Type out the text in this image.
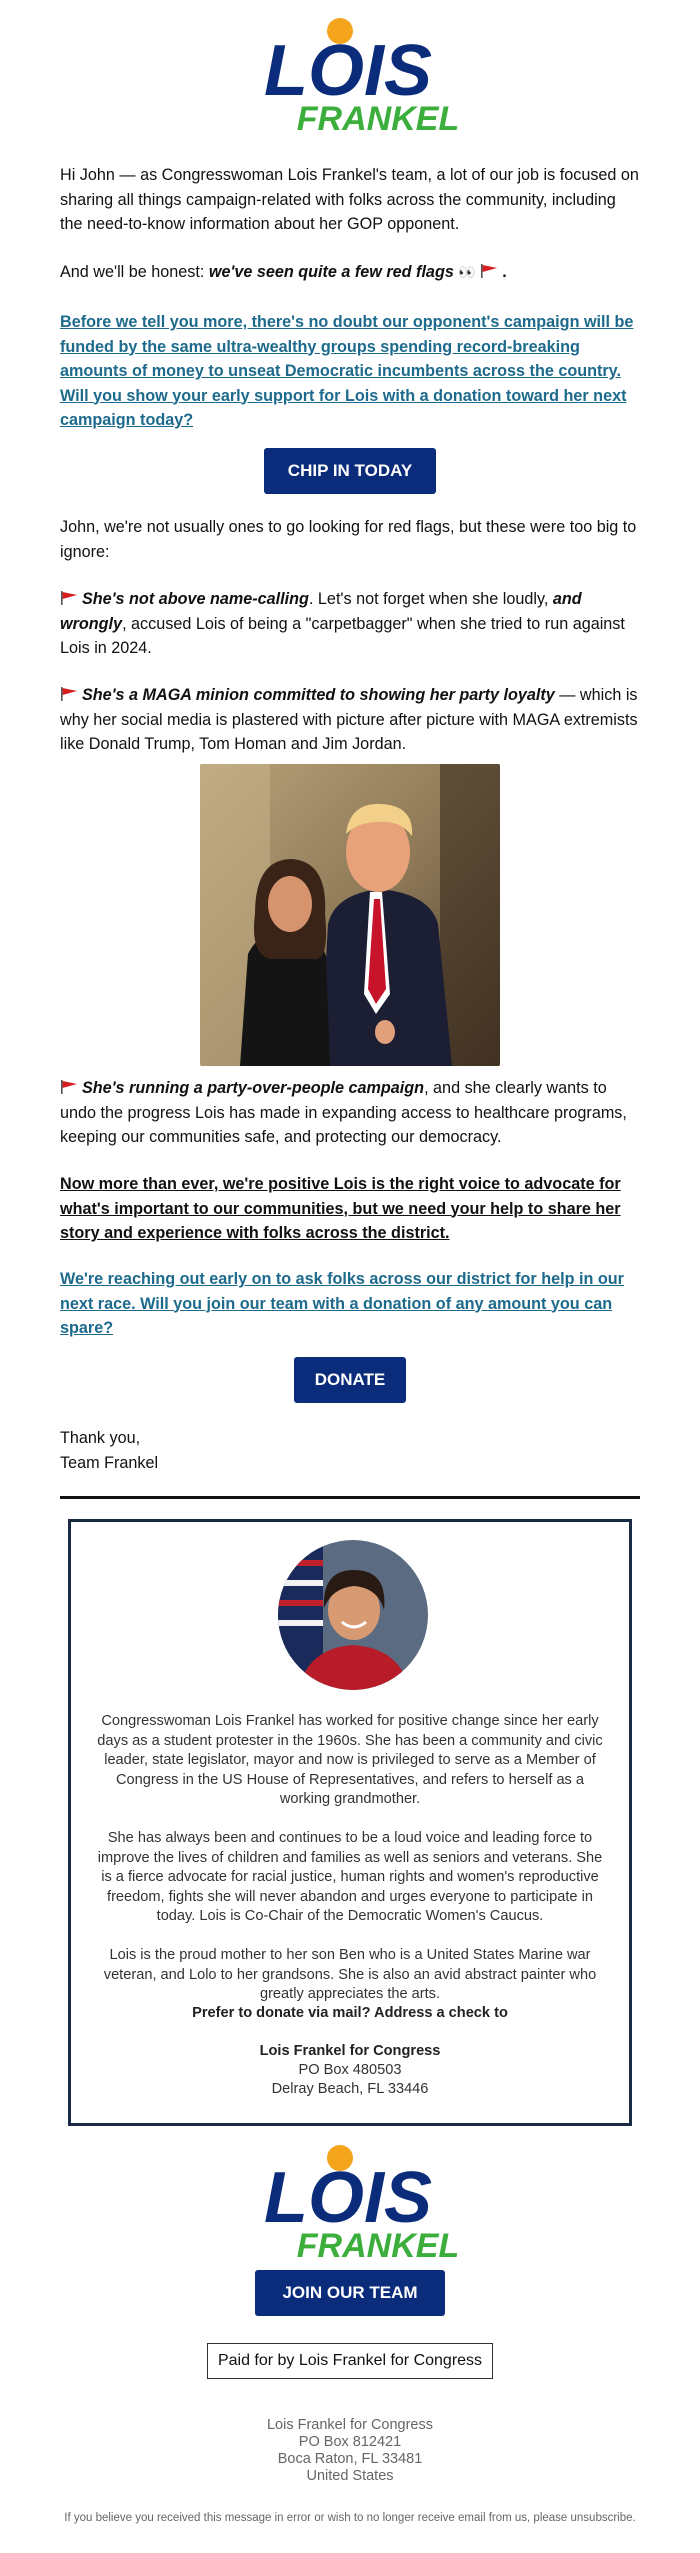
LOIS
FRANKEL

Hi John — as Congresswoman Lois Frankel's team, a lot of our job is focused on sharing all things campaign-related with folks across the community, including the need-to-know information about her GOP opponent.

And we'll be honest: we've seen quite a few red flags 👀 .

Before we tell you more, there's no doubt our opponent's campaign will be funded by the same ultra-wealthy groups spending record-breaking amounts of money to unseat Democratic incumbents across the country. Will you show your early support for Lois with a donation toward her next campaign today?
CHIP IN TODAY

John, we're not usually ones to go looking for red flags, but these were too big to ignore:

She's not above name-calling. Let's not forget when she loudly, and wrongly, accused Lois of being a "carpetbagger" when she tried to run against Lois in 2024.

She's a MAGA minion committed to showing her party loyalty — which is why her social media is plastered with picture after picture with MAGA extremists like Donald Trump, Tom Homan and Jim Jordan.

She's running a party-over-people campaign, and she clearly wants to undo the progress Lois has made in expanding access to healthcare programs, keeping our communities safe, and protecting our democracy.

Now more than ever, we're positive Lois is the right voice to advocate for what's important to our communities, but we need your help to share her story and experience with folks across the district.

We're reaching out early on to ask folks across our district for help in our next race. Will you join our team with a donation of any amount you can spare?
DONATE

Thank you,

Team Frankel

Congresswoman Lois Frankel has worked for positive change since her early days as a student protester in the 1960s. She has been a community and civic leader, state legislator, mayor and now is privileged to serve as a Member of Congress in the US House of Representatives, and refers to herself as a working grandmother.

She has always been and continues to be a loud voice and leading force to improve the lives of children and families as well as seniors and veterans. She is a fierce advocate for racial justice, human rights and women's reproductive freedom, fights she will never abandon and urges everyone to participate in today. Lois is Co-Chair of the Democratic Women's Caucus.

Lois is the proud mother to her son Ben who is a United States Marine war veteran, and Lolo to her grandsons. She is also an avid abstract painter who greatly appreciates the arts.

Prefer to donate via mail? Address a check to

Lois Frankel for Congress

PO Box 480503

Delray Beach, FL 33446

LOIS
FRANKEL
JOIN OUR TEAM
Paid for by Lois Frankel for Congress
Lois Frankel for Congress
PO Box 812421
Boca Raton, FL 33481
United States

If you believe you received this message in error or wish to no longer receive email from us, please unsubscribe.
